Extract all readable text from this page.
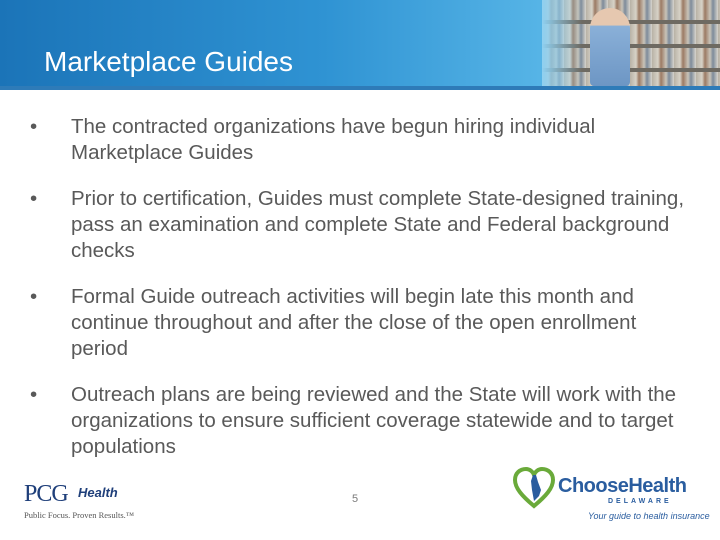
Marketplace Guides
• The contracted organizations have begun hiring individual Marketplace Guides
• Prior to certification, Guides must complete State-designed training, pass an examination and complete State and Federal background checks
• Formal Guide outreach activities will begin late this month and continue throughout and after the close of the open enrollment period
• Outreach plans are being reviewed and the State will work with the organizations to ensure sufficient coverage statewide and to target populations
PCG Health
Public Focus. Proven Results.™
5
ChooseHealth
DELAWARE
Your guide to health insurance
